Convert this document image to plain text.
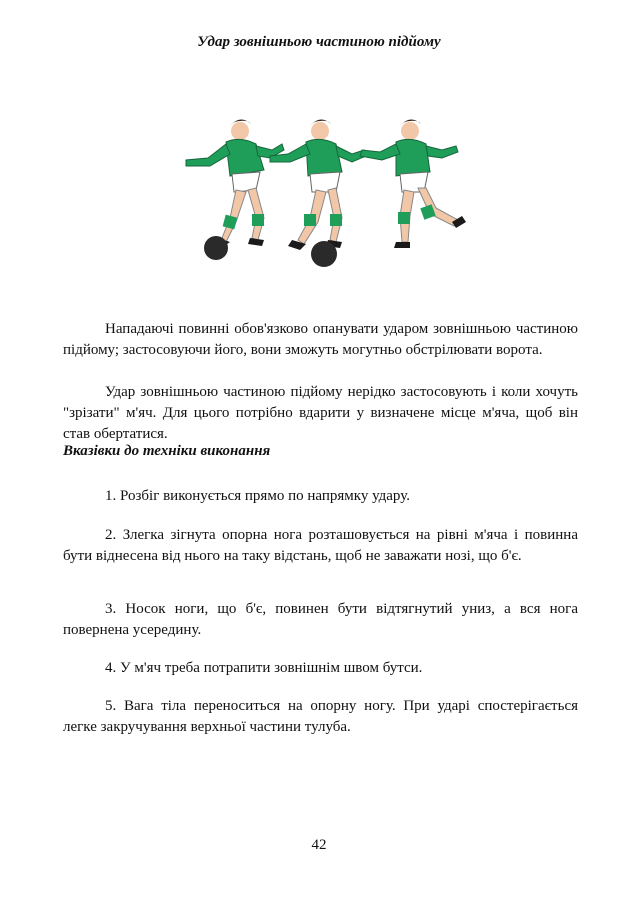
Удар зовнішньою частиною підйому
Нападаючі повинні обов'язково опанувати ударом зовнішньою частиною підйому; застосовуючи його, вони зможуть могутньо обстрілювати ворота.
Удар зовнішньою частиною підйому нерідко застосовують і коли хочуть "зрізати" м'яч. Для цього потрібно вдарити у визначене місце м'яча, щоб він став обертатися.
Вказівки до техніки виконання
1. Розбіг виконується прямо по напрямку удару.
2. Злегка зігнута опорна нога розташовується на рівні м'яча і повинна бути віднесена від нього на таку відстань, щоб не заважати нозі, що б'є.
3. Носок ноги, що б'є, повинен бути відтягнутий униз, а вся нога повернена усередину.
4. У м'яч треба потрапити зовнішнім швом бутси.
5. Вага тіла переноситься на опорну ногу. При ударі спостерігається легке закручування верхньої частини тулуба.
42
